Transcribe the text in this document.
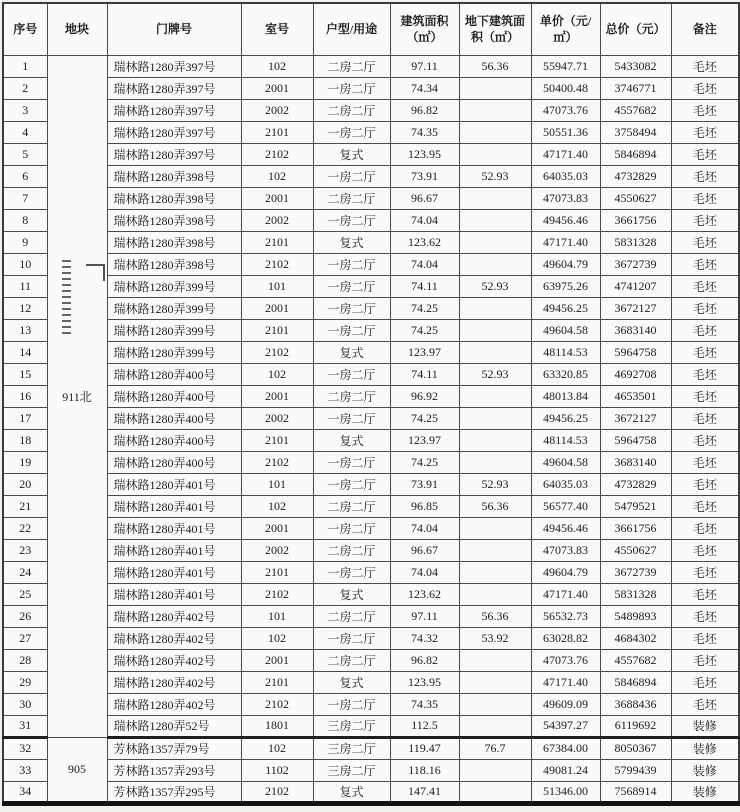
序号	地块	门牌号	室号	户型/用途	建筑面积（㎡）	地下建筑面积（㎡）	单价（元/㎡）	总价（元）	备注
1	911北	瑞林路1280弄397号	102	二房二厅	97.11	56.36	55947.71	5433082	毛坯
2		瑞林路1280弄397号	2001	一房二厅	74.34		50400.48	3746771	毛坯
3		瑞林路1280弄397号	2002	二房二厅	96.82		47073.76	4557682	毛坯
4		瑞林路1280弄397号	2101	一房二厅	74.35		50551.36	3758494	毛坯
5		瑞林路1280弄397号	2102	复式	123.95		47171.40	5846894	毛坯
6		瑞林路1280弄398号	102	一房二厅	73.91	52.93	64035.03	4732829	毛坯
7		瑞林路1280弄398号	2001	二房二厅	96.67		47073.83	4550627	毛坯
8		瑞林路1280弄398号	2002	一房二厅	74.04		49456.46	3661756	毛坯
9		瑞林路1280弄398号	2101	复式	123.62		47171.40	5831328	毛坯
10		瑞林路1280弄398号	2102	一房二厅	74.04		49604.79	3672739	毛坯
11		瑞林路1280弄399号	101	一房二厅	74.11	52.93	63975.26	4741207	毛坯
12		瑞林路1280弄399号	2001	一房二厅	74.25		49456.25	3672127	毛坯
13		瑞林路1280弄399号	2101	一房二厅	74.25		49604.58	3683140	毛坯
14		瑞林路1280弄399号	2102	复式	123.97		48114.53	5964758	毛坯
15		瑞林路1280弄400号	102	一房二厅	74.11	52.93	63320.85	4692708	毛坯
16		瑞林路1280弄400号	2001	二房二厅	96.92		48013.84	4653501	毛坯
17		瑞林路1280弄400号	2002	一房二厅	74.25		49456.25	3672127	毛坯
18		瑞林路1280弄400号	2101	复式	123.97		48114.53	5964758	毛坯
19		瑞林路1280弄400号	2102	一房二厅	74.25		49604.58	3683140	毛坯
20		瑞林路1280弄401号	101	一房二厅	73.91	52.93	64035.03	4732829	毛坯
21		瑞林路1280弄401号	102	二房二厅	96.85	56.36	56577.40	5479521	毛坯
22		瑞林路1280弄401号	2001	一房二厅	74.04		49456.46	3661756	毛坯
23		瑞林路1280弄401号	2002	二房二厅	96.67		47073.83	4550627	毛坯
24		瑞林路1280弄401号	2101	一房二厅	74.04		49604.79	3672739	毛坯
25		瑞林路1280弄401号	2102	复式	123.62		47171.40	5831328	毛坯
26		瑞林路1280弄402号	101	二房二厅	97.11	56.36	56532.73	5489893	毛坯
27		瑞林路1280弄402号	102	一房二厅	74.32	53.92	63028.82	4684302	毛坯
28		瑞林路1280弄402号	2001	二房二厅	96.82		47073.76	4557682	毛坯
29		瑞林路1280弄402号	2101	复式	123.95		47171.40	5846894	毛坯
30		瑞林路1280弄402号	2102	一房二厅	74.35		49609.09	3688436	毛坯
31		瑞林路1280弄52号	1801	三房二厅	112.5		54397.27	6119692	装修
32	905	芳林路1357弄79号	102	三房二厅	119.47	76.7	67384.00	8050367	装修
33		芳林路1357弄293号	1102	三房二厅	118.16		49081.24	5799439	装修
34		芳林路1357弄295号	2102	复式	147.41		51346.00	7568914	装修
